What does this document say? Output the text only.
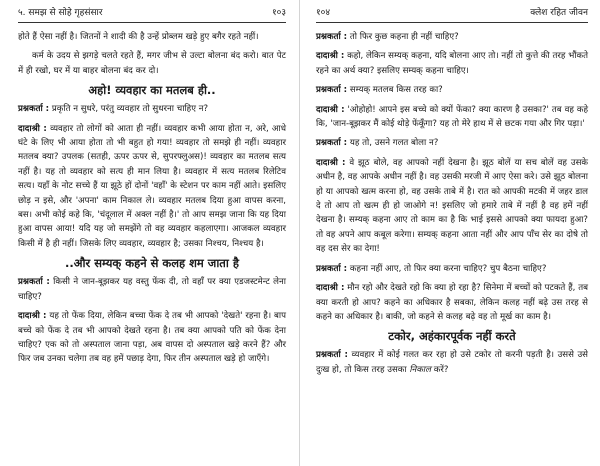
५. समझ से सोहे गृहसंसार	१०३

होते हैं ऐसा नहीं है। जितनों ने शादी की है उन्हें प्रोब्लम खड़े हुए बगैर रहते नहीं।

कर्म के उदय से झगड़े चलते रहते हैं, मगर जीभ से उल्टा बोलना बंद करो। बात पेट में ही रखो, घर में या बाहर बोलना बंद कर दो।

अहो! व्यवहार का मतलब ही..

प्रश्नकर्ता : प्रकृति न सुधरे, परंतु व्यवहार तो सुधरना चाहिए न?

दादाश्री : व्यवहार तो लोगों को आता ही नहीं। व्यवहार कभी आया होता न, अरे, आधे घंटे के लिए भी आया होता तो भी बहुत हो गया! व्यवहार तो समझे ही नहीं। व्यवहार मतलब क्या? उपलक (सतही, ऊपर ऊपर से, सुपरफ्लुअस)! व्यवहार का मतलब सत्य नहीं है। यह तो व्यवहार को सत्य ही मान लिया है। व्यवहार में सत्य मतलब रिलेटिव सत्य। यहाँ के नोट सच्चे हैं या झूठे हों दोनों 'वहाँ' के स्टेशन पर काम नहीं आते। इसलिए छोड़ न इसे, और 'अपना' काम निकाल ले। व्यवहार मतलब दिया हुआ वापस करना, बस। अभी कोई कहे कि, 'चंदूलाल में अक्ल नहीं है।' तो आप समझ जाना कि यह दिया हुआ वापस आया! यदि यह जो समझेंगे तो वह व्यवहार कहलाएगा। आजकल व्यवहार किसी में है ही नहीं। जिसके लिए व्यवहार, व्यवहार है; उसका निश्चय, निश्चय है।

..और सम्यक् कहने से कलह शम जाता है

प्रश्नकर्ता : किसी ने जान-बूझकर यह वस्तु फेंक दी, तो वहाँ पर क्या एडजस्टमेन्ट लेना चाहिए?

दादाश्री : यह तो फेंक दिया, लेकिन बच्चा फेंक दे तब भी आपको 'देखते' रहना है। बाप बच्चे को फेंक दे तब भी आपको देखते रहना है। तब क्या आपको पति को फेंक देना चाहिए? एक को तो अस्पताल जाना पड़ा, अब वापस दो अस्पताल खड़े करने हैं? और फिर जब उनका चलेगा तब वह हमें पछाड़ देगा, फिर तीन अस्पताल खड़े हो जाएँगे।

१०४	क्लेश रहित जीवन

प्रश्नकर्ता : तो फिर कुछ कहना ही नहीं चाहिए?

दादाश्री : कहो, लेकिन सम्यक् कहना, यदि बोलना आए तो। नहीं तो कुत्ते की तरह भौंकते रहने का अर्थ क्या? इसलिए सम्यक् कहना चाहिए।

प्रश्नकर्ता : सम्यक् मतलब किस तरह का?

दादाश्री : 'ओहोहो! आपने इस बच्चे को क्यों फेंका? क्या कारण है उसका?' तब वह कहे कि, 'जान-बूझकर मैं कोई थोड़े फेंकूँगा? यह तो मेरे हाथ में से छटक गया और गिर पड़ा।'

प्रश्नकर्ता : यह तो, उसने गलत बोला न?

दादाश्री : वे झूठ बोले, वह आपको नहीं देखना है। झूठ बोलें या सच बोलें वह उसके अधीन है, वह आपके अधीन नहीं है। वह उसकी मरजी में आए ऐसा करे। उसे झूठ बोलना हो या आपको खत्म करना हो, वह उसके ताबे में है। रात को आपकी मटकी में जहर डाल दे तो आप तो खत्म ही हो जाओगे न! इसलिए जो हमारे ताबे में नहीं है वह हमें नहीं देखना है। सम्यक् कहना आए तो काम का है कि भाई इससे आपको क्या फायदा हुआ? तो वह अपने आप कबूल करेगा। सम्यक् कहना आता नहीं और आप पाँच सेर का दोषे तो वह दस सेर का देगा!

प्रश्नकर्ता : कहना नहीं आए, तो फिर क्या करना चाहिए? चुप बैठना चाहिए?

दादाश्री : मौन रहो और देखते रहो कि क्या हो रहा है? सिनेमा में बच्चों को पटकते हैं, तब क्या करती हो आप? कहने का अधिकार है सबका, लेकिन कलह नहीं बढ़े उस तरह से कहने का अधिकार है। बाकी, जो कहने से कलह बढ़े वह तो मूर्ख का काम है।

टकोर, अहंकारपूर्वक नहीं करते

प्रश्नकर्ता : व्यवहार में कोई गलत कर रहा हो उसे टकोर तो करनी पड़ती है। उससे उसे दुःख हो, तो किस तरह उसका निकाल करें?
